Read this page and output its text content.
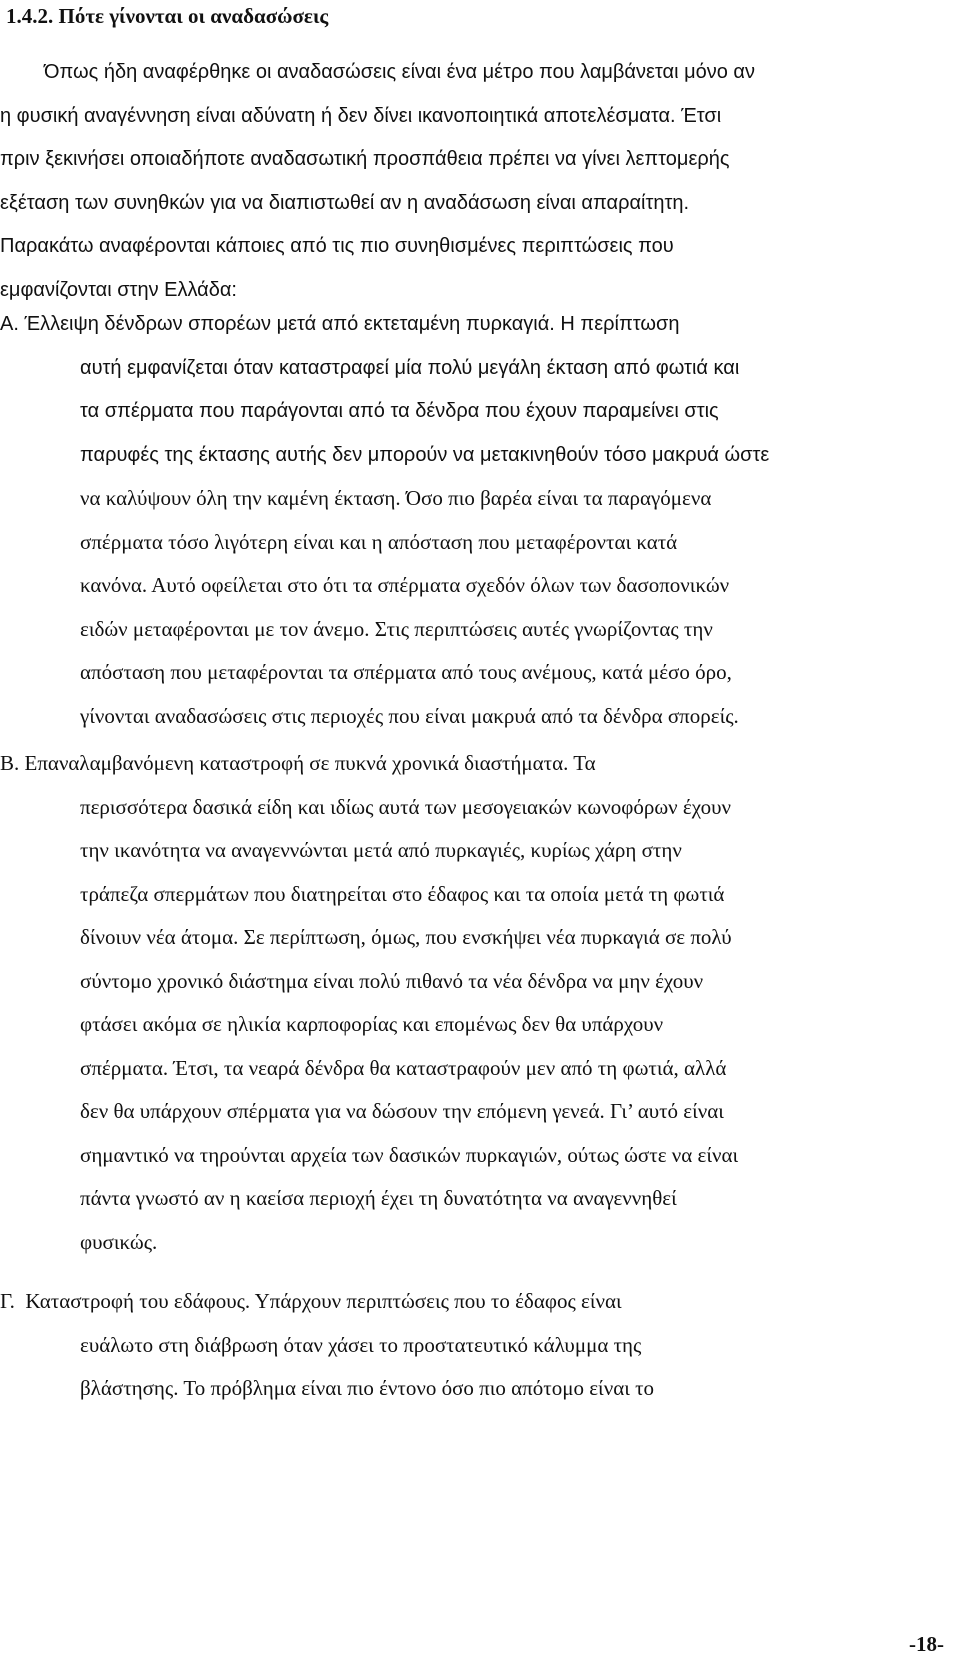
1.4.2. Πότε γίνονται οι αναδασώσεις
Όπως ήδη αναφέρθηκε οι αναδασώσεις είναι ένα μέτρο που λαμβάνεται μόνο αν
η φυσική αναγέννηση είναι αδύνατη ή δεν δίνει ικανοποιητικά αποτελέσματα. Έτσι
πριν ξεκινήσει οποιαδήποτε αναδασωτική προσπάθεια πρέπει να γίνει λεπτομερής
εξέταση των συνηθκών για να διαπιστωθεί αν η αναδάσωση είναι απαραίτητη.
Παρακάτω αναφέρονται κάποιες από τις πιο συνηθισμένες περιπτώσεις που
εμφανίζονται στην Ελλάδα:
Α. Έλλειψη δένδρων σπορέων μετά από εκτεταμένη πυρκαγιά. Η περίπτωση
αυτή εμφανίζεται όταν καταστραφεί μία πολύ μεγάλη έκταση από φωτιά και
τα σπέρματα που παράγονται από τα δένδρα που έχουν παραμείνει στις
παρυφές της έκτασης αυτής δεν μπορούν να μετακινηθούν τόσο μακρυά ώστε
να καλύψουν όλη την καμένη έκταση. Όσο πιο βαρέα είναι τα παραγόμενα
σπέρματα τόσο λιγότερη είναι και η απόσταση που μεταφέρονται κατά
κανόνα. Αυτό οφείλεται στο ότι τα σπέρματα σχεδόν όλων των δασοπονικών
ειδών μεταφέρονται με τον άνεμο. Στις περιπτώσεις αυτές γνωρίζοντας την
απόσταση που μεταφέρονται τα σπέρματα από τους ανέμους, κατά μέσο όρο,
γίνονται αναδασώσεις στις περιοχές που είναι μακρυά από τα δένδρα σπορείς.
Β. Επαναλαμβανόμενη καταστροφή σε πυκνά χρονικά διαστήματα. Τα
περισσότερα δασικά είδη και ιδίως αυτά των μεσογειακών κωνοφόρων έχουν
την ικανότητα να αναγεννώνται μετά από πυρκαγιές, κυρίως χάρη στην
τράπεζα σπερμάτων που διατηρείται στο έδαφος και τα οποία μετά τη φωτιά
δίνοιυν νέα άτομα. Σε περίπτωση, όμως, που ενσκήψει νέα πυρκαγιά σε πολύ
σύντομο χρονικό διάστημα είναι πολύ πιθανό τα νέα δένδρα να μην έχουν
φτάσει ακόμα σε ηλικία καρποφορίας και επομένως δεν θα υπάρχουν
σπέρματα. Έτσι, τα νεαρά δένδρα θα καταστραφούν μεν από τη φωτιά, αλλά
δεν θα υπάρχουν σπέρματα για να δώσουν την επόμενη γενεά. Γι’ αυτό είναι
σημαντικό να τηρούνται αρχεία των δασικών πυρκαγιών, ούτως ώστε να είναι
πάντα γνωστό αν η καείσα περιοχή έχει τη δυνατότητα να αναγεννηθεί
φυσικώς.
Γ.  Καταστροφή του εδάφους. Υπάρχουν περιπτώσεις που το έδαφος είναι
ευάλωτο στη διάβρωση όταν χάσει το προστατευτικό κάλυμμα της
βλάστησης. Το πρόβλημα είναι πιο έντονο όσο πιο απότομο είναι το
-18-
